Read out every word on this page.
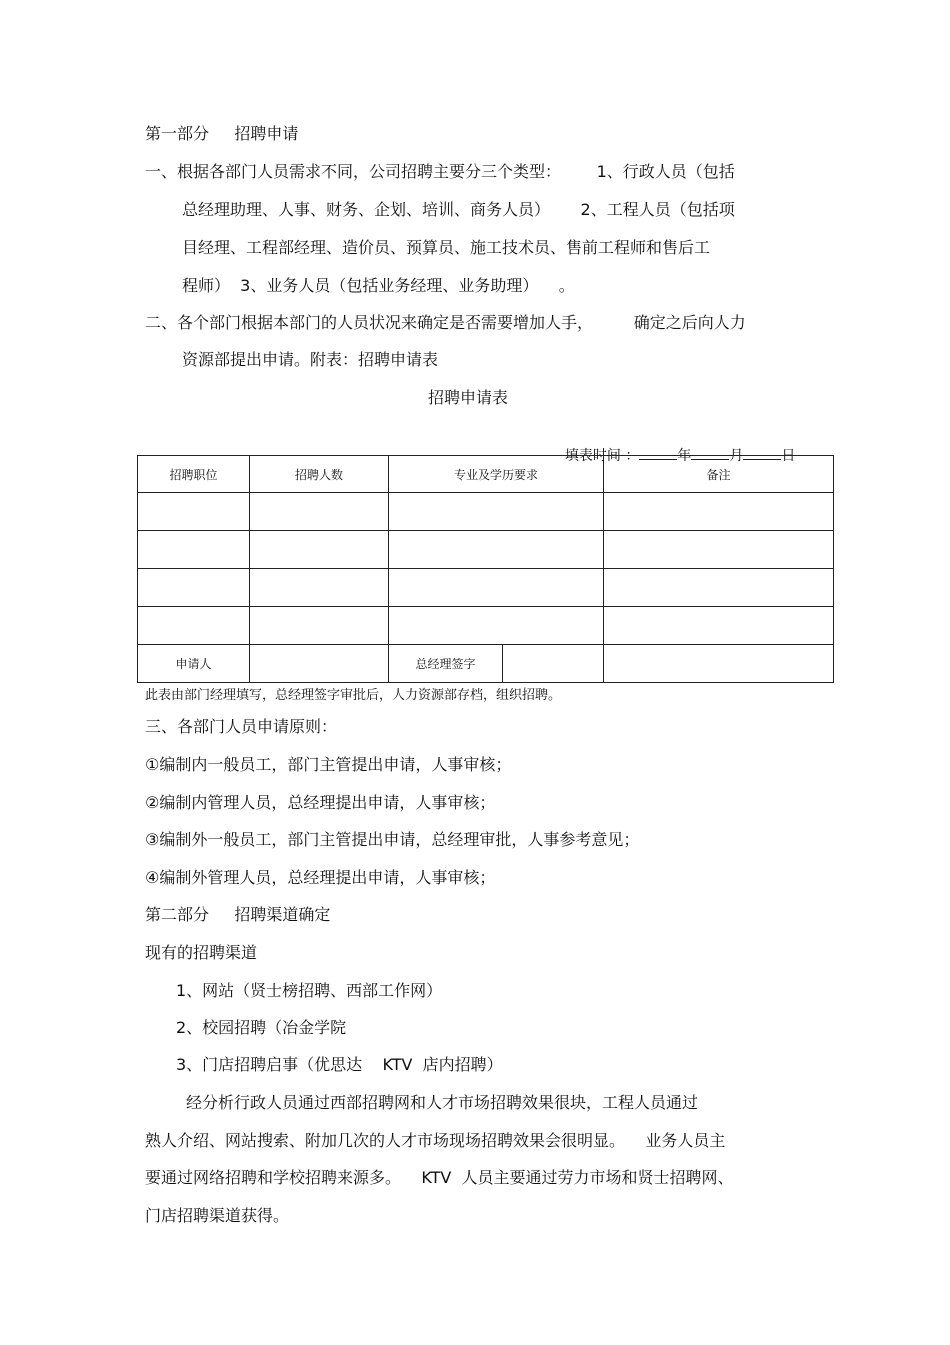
第一部分     招聘申请
一、根据各部门人员需求不同，公司招聘主要分三个类型：       1、行政人员（包括
总经理助理、人事、财务、企划、培训、商务人员）      2、工程人员（包括项
目经理、工程部经理、造价员、预算员、施工技术员、售前工程师和售后工
程师）  3、业务人员（包括业务经理、业务助理）    。
二、各个部门根据本部门的人员状况来确定是否需要增加人手，        确定之后向人力
资源部提出申请。附表：招聘申请表
招聘申请表

填表时间 ：	年	月	日

招聘职位	招聘人数	专业及学历要求		备注

申请人		总经理签字		
此表由部门经理填写，总经理签字审批后，人力资源部存档，组织招聘。
三、各部门人员申请原则：
①编制内一般员工，部门主管提出申请，人事审核；
②编制内管理人员，总经理提出申请，人事审核；
③编制外一般员工，部门主管提出申请，总经理审批，人事参考意见；
④编制外管理人员，总经理提出申请，人事审核；
第二部分     招聘渠道确定
现有的招聘渠道
1、网站（贤士榜招聘、西部工作网）
2、校园招聘（冶金学院
3、门店招聘启事（优思达    KTV  店内招聘）
经分析行政人员通过西部招聘网和人才市场招聘效果很块，工程人员通过
熟人介绍、网站搜索、附加几次的人才市场现场招聘效果会很明显。    业务人员主
要通过网络招聘和学校招聘来源多。    KTV  人员主要通过劳力市场和贤士招聘网、
门店招聘渠道获得。
